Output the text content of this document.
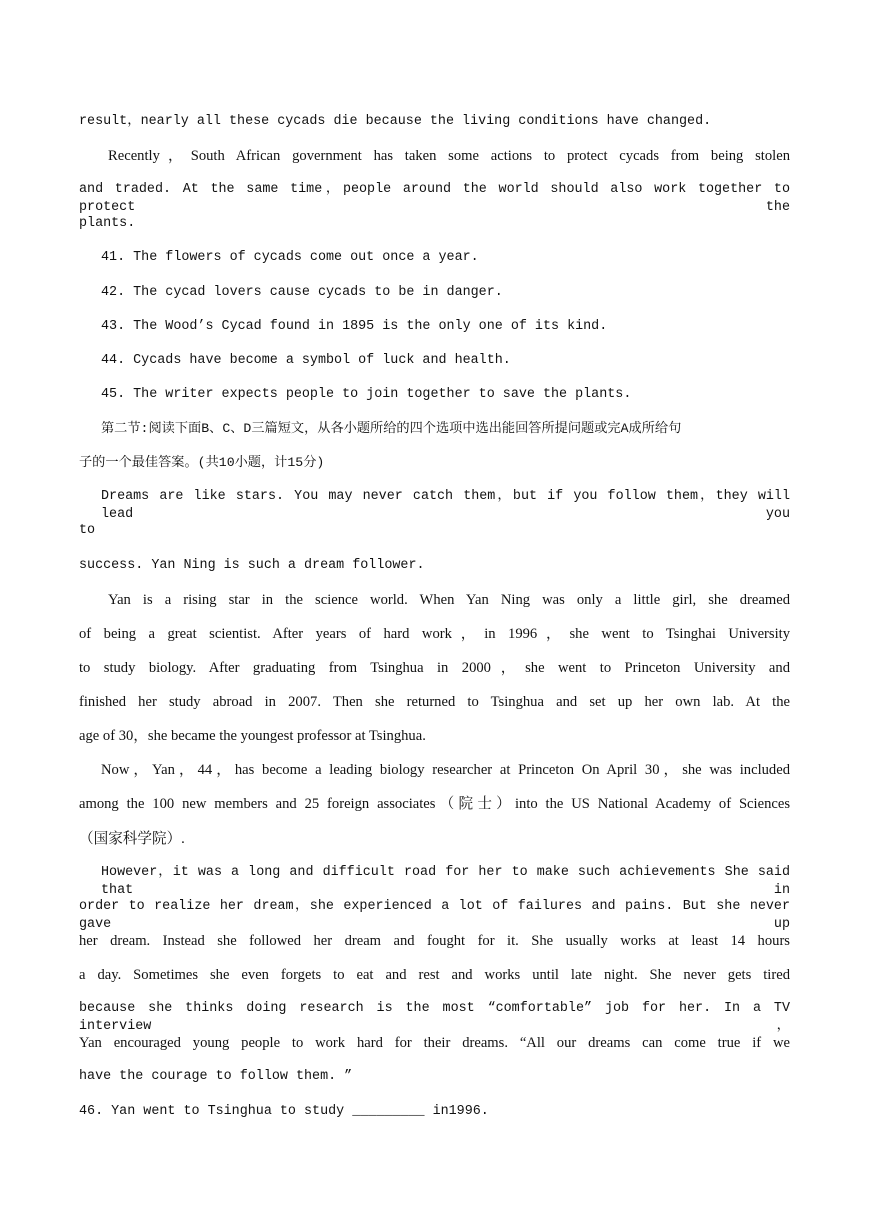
result，nearly all these cycads die because the living conditions have changed.
Recently，South African government has taken some actions to protect cycads from being stolen
and traded. At the same time，people around the world should also work together to protect the
plants.
41. The flowers of cycads come out once a year.
42. The cycad lovers cause cycads to be in danger.
43. The Wood’s Cycad found in 1895 is the only one of its kind.
44. Cycads have become a symbol of luck and health.
45. The writer expects people to join together to save the plants.
第二节:阅读下面B、C、D三篇短文，从各小题所给的四个选项中选出能回答所提问题或完A成所给句
子的一个最佳答案。(共10小题，计15分)
Dreams are like stars. You may never catch them，but if you follow them，they will lead you
to
success. Yan Ning is such a dream follower.
Yan is a rising star in the science world. When Yan Ning was only a little girl, she dreamed
of being a great scientist. After years of hard work，in 1996，she went to Tsinghai University
to study biology. After graduating from Tsinghua in 2000，she went to Princeton University and
finished her study abroad in 2007. Then she returned to Tsinghua and set up her own lab. At the
age of 30，she became the youngest professor at Tsinghua.
Now，Yan，44，has become a leading biology researcher at Princeton On April 30，she was included
among the 100 new members and 25 foreign associates（院士）into the US National Academy of Sciences
（国家科学院）.
However，it was a long and difficult road for her to make such achievements She said that in
order to realize her dream，she experienced a lot of failures and pains. But she never gave up
her dream. Instead she followed her dream and fought for it. She usually works at least 14 hours
a day. Sometimes she even forgets to eat and rest and works until late night. She never gets tired
because she thinks doing research is the most “comfortable” job for her. In a TV interview，
Yan encouraged young people to work hard for their dreams. “All our dreams can come true if we
have the courage to follow them. ”
46. Yan went to Tsinghua to study _________ in1996.
